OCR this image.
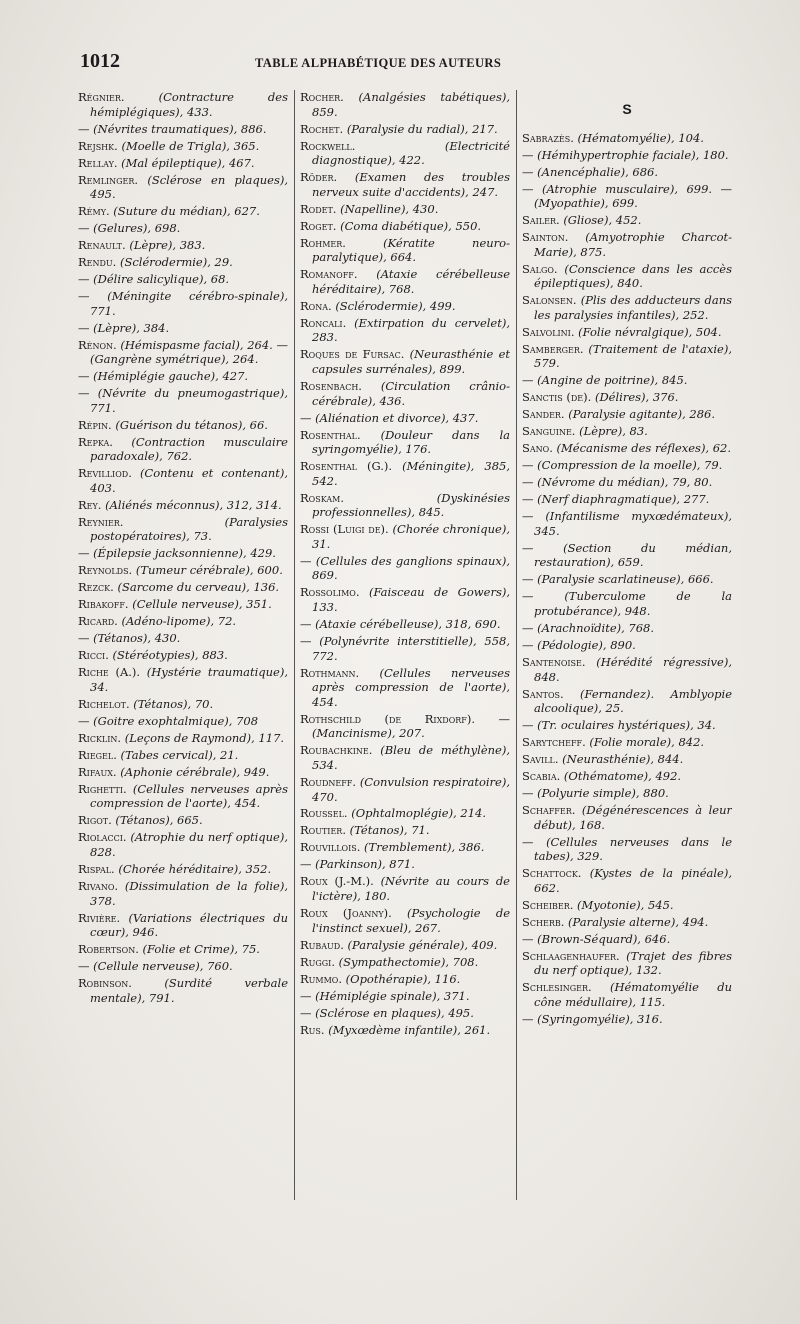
1012	TABLE ALPHABÉTIQUE DES AUTEURS

Régnier.	(Contracture des hémiplégiques), 433.

— (Névrites traumatiques), 886.

Rejshk. (Moelle de Trigla), 365.

Rellay. (Mal épileptique), 467.

Remlinger. (Sclérose en plaques), 495.

Rémy. (Suture du médian), 627.

— (Gelures), 698.

Renault. (Lèpre), 383.

Rendu. (Sclérodermie), 29.

— (Délire salicylique), 68.

— (Méningite cérébro-spinale), 771.

— (Lèpre), 384.

Rénon. (Hémispasme facial), 264. — (Gangrène symétrique), 264.

— (Hémiplégie gauche), 427.

— (Névrite du pneumogastrique), 771.

Répin. (Guérison du tétanos), 66.

Repka. (Contraction musculaire paradoxale), 762.

Revilliod. (Contenu et contenant), 403.

Rey. (Aliénés méconnus), 312, 314.

Reynier.	(Paralysies postopératoires), 73.

— (Épilepsie jacksonnienne), 429.

Reynolds. (Tumeur cérébrale), 600.

Rezck. (Sarcome du cerveau), 136.

Ribakoff. (Cellule nerveuse), 351.

Ricard. (Adéno-lipome), 72.

— (Tétanos), 430.

Ricci. (Stéréotypies), 883.

Riche (A.). (Hystérie traumatique), 34.

Richelot. (Tétanos), 70.

— (Goitre exophtalmique), 708

Ricklin. (Leçons de Raymond), 117.

Riegel. (Tabes cervical), 21.

Rifaux. (Aphonie cérébrale), 949.

Righetti. (Cellules nerveuses après compression de l'aorte), 454.

Rigot. (Tétanos), 665.

Riolacci. (Atrophie du nerf optique), 828.

Rispal. (Chorée héréditaire), 352.

Rivano. (Dissimulation de la folie), 378.

Rivière. (Variations électriques du cœur), 946.

Robertson. (Folie et Crime), 75.

— (Cellule nerveuse), 760.

Robinson.	(Surdité verbale mentale), 791.

Rocher. (Analgésies tabétiques), 859.

Rochet. (Paralysie du radial), 217.

Rockwell.	(Electricité diagnostique), 422.

Röder. (Examen des troubles nerveux suite d'accidents), 247.

Rodet. (Napelline), 430.

Roget. (Coma diabétique), 550.

Rohmer.	(Kératite neuro-paralytique), 664.

Romanoff. (Ataxie cérébelleuse héréditaire), 768.

Rona. (Sclérodermie), 499.

Roncali. (Extirpation du cervelet), 283.

Roques de Fursac. (Neurasthénie et capsules surrénales), 899.

Rosenbach. (Circulation crânio-cérébrale), 436.

— (Aliénation et divorce), 437.

Rosenthal. (Douleur dans la syringomyélie), 176.

Rosenthal (G.). (Méningite), 385, 542.

Roskam.	(Dyskinésies professionnelles), 845.

Rossi (Luigi de). (Chorée chronique), 31.

— (Cellules des ganglions spinaux), 869.

Rossolimo. (Faisceau de Gowers), 133.

— (Ataxie cérébelleuse), 318, 690.

— (Polynévrite interstitielle), 558, 772.

Rothmann. (Cellules nerveuses après compression de l'aorte), 454.

Rothschild (de Rixdorf). — (Mancinisme), 207.

Roubachkine. (Bleu de méthylène), 534.

Roudneff. (Convulsion respiratoire), 470.

Roussel. (Ophtalmoplégie), 214.

Routier. (Tétanos), 71.

Rouvillois. (Tremblement), 386.

— (Parkinson), 871.

Roux (J.-M.). (Névrite au cours de l'ictère), 180.

Roux (Joanny). (Psychologie de l'instinct sexuel), 267.

Rubaud. (Paralysie générale), 409.

Ruggi. (Sympathectomie), 708.

Rummo. (Opothérapie), 116.

— (Hémiplégie spinale), 371.

— (Sclérose en plaques), 495.

Rus. (Myxœdème infantile), 261.

S

Sabrazès. (Hématomyélie), 104.

— (Hémihypertrophie faciale), 180.

— (Anencéphalie), 686.

— (Atrophie musculaire), 699. — (Myopathie), 699.

Sailer. (Gliose), 452.

Sainton. (Amyotrophie Charcot-Marie), 875.

Salgo. (Conscience dans les accès épileptiques), 840.

Salonsen. (Plis des adducteurs dans les paralysies infantiles), 252.

Salvolini. (Folie névralgique), 504.

Samberger. (Traitement de l'ataxie), 579.

— (Angine de poitrine), 845.

Sanctis (de). (Délires), 376.

Sander. (Paralysie agitante), 286.

Sanguine. (Lèpre), 83.

Sano. (Mécanisme des réflexes), 62.

— (Compression de la moelle), 79.

— (Névrome du médian), 79, 80.

— (Nerf diaphragmatique), 277.

— (Infantilisme myxœdémateux), 345.

—	(Section du médian, restauration), 659.

— (Paralysie scarlatineuse), 666.

—	(Tuberculome de la protubérance), 948.

— (Arachnoïdite), 768.

— (Pédologie), 890.

Santenoise. (Hérédité régressive), 848.

Santos. (Fernandez). Amblyopie alcoolique), 25.

— (Tr. oculaires hystériques), 34.

Sarytcheff. (Folie morale), 842.

Savill. (Neurasthénie), 844.

Scabia. (Othématome), 492.

— (Polyurie simple), 880.

Schaffer. (Dégénérescences à leur début), 168.

— (Cellules nerveuses dans le tabes), 329.

Schattock. (Kystes de la pinéale), 662.

Scheiber. (Myotonie), 545.

Scherb. (Paralysie alterne), 494.

— (Brown-Séquard), 646.

Schlaagenhaufer. (Trajet des fibres du nerf optique), 132.

Schlesinger. (Hématomyélie du cône médullaire), 115.

— (Syringomyélie), 316.
